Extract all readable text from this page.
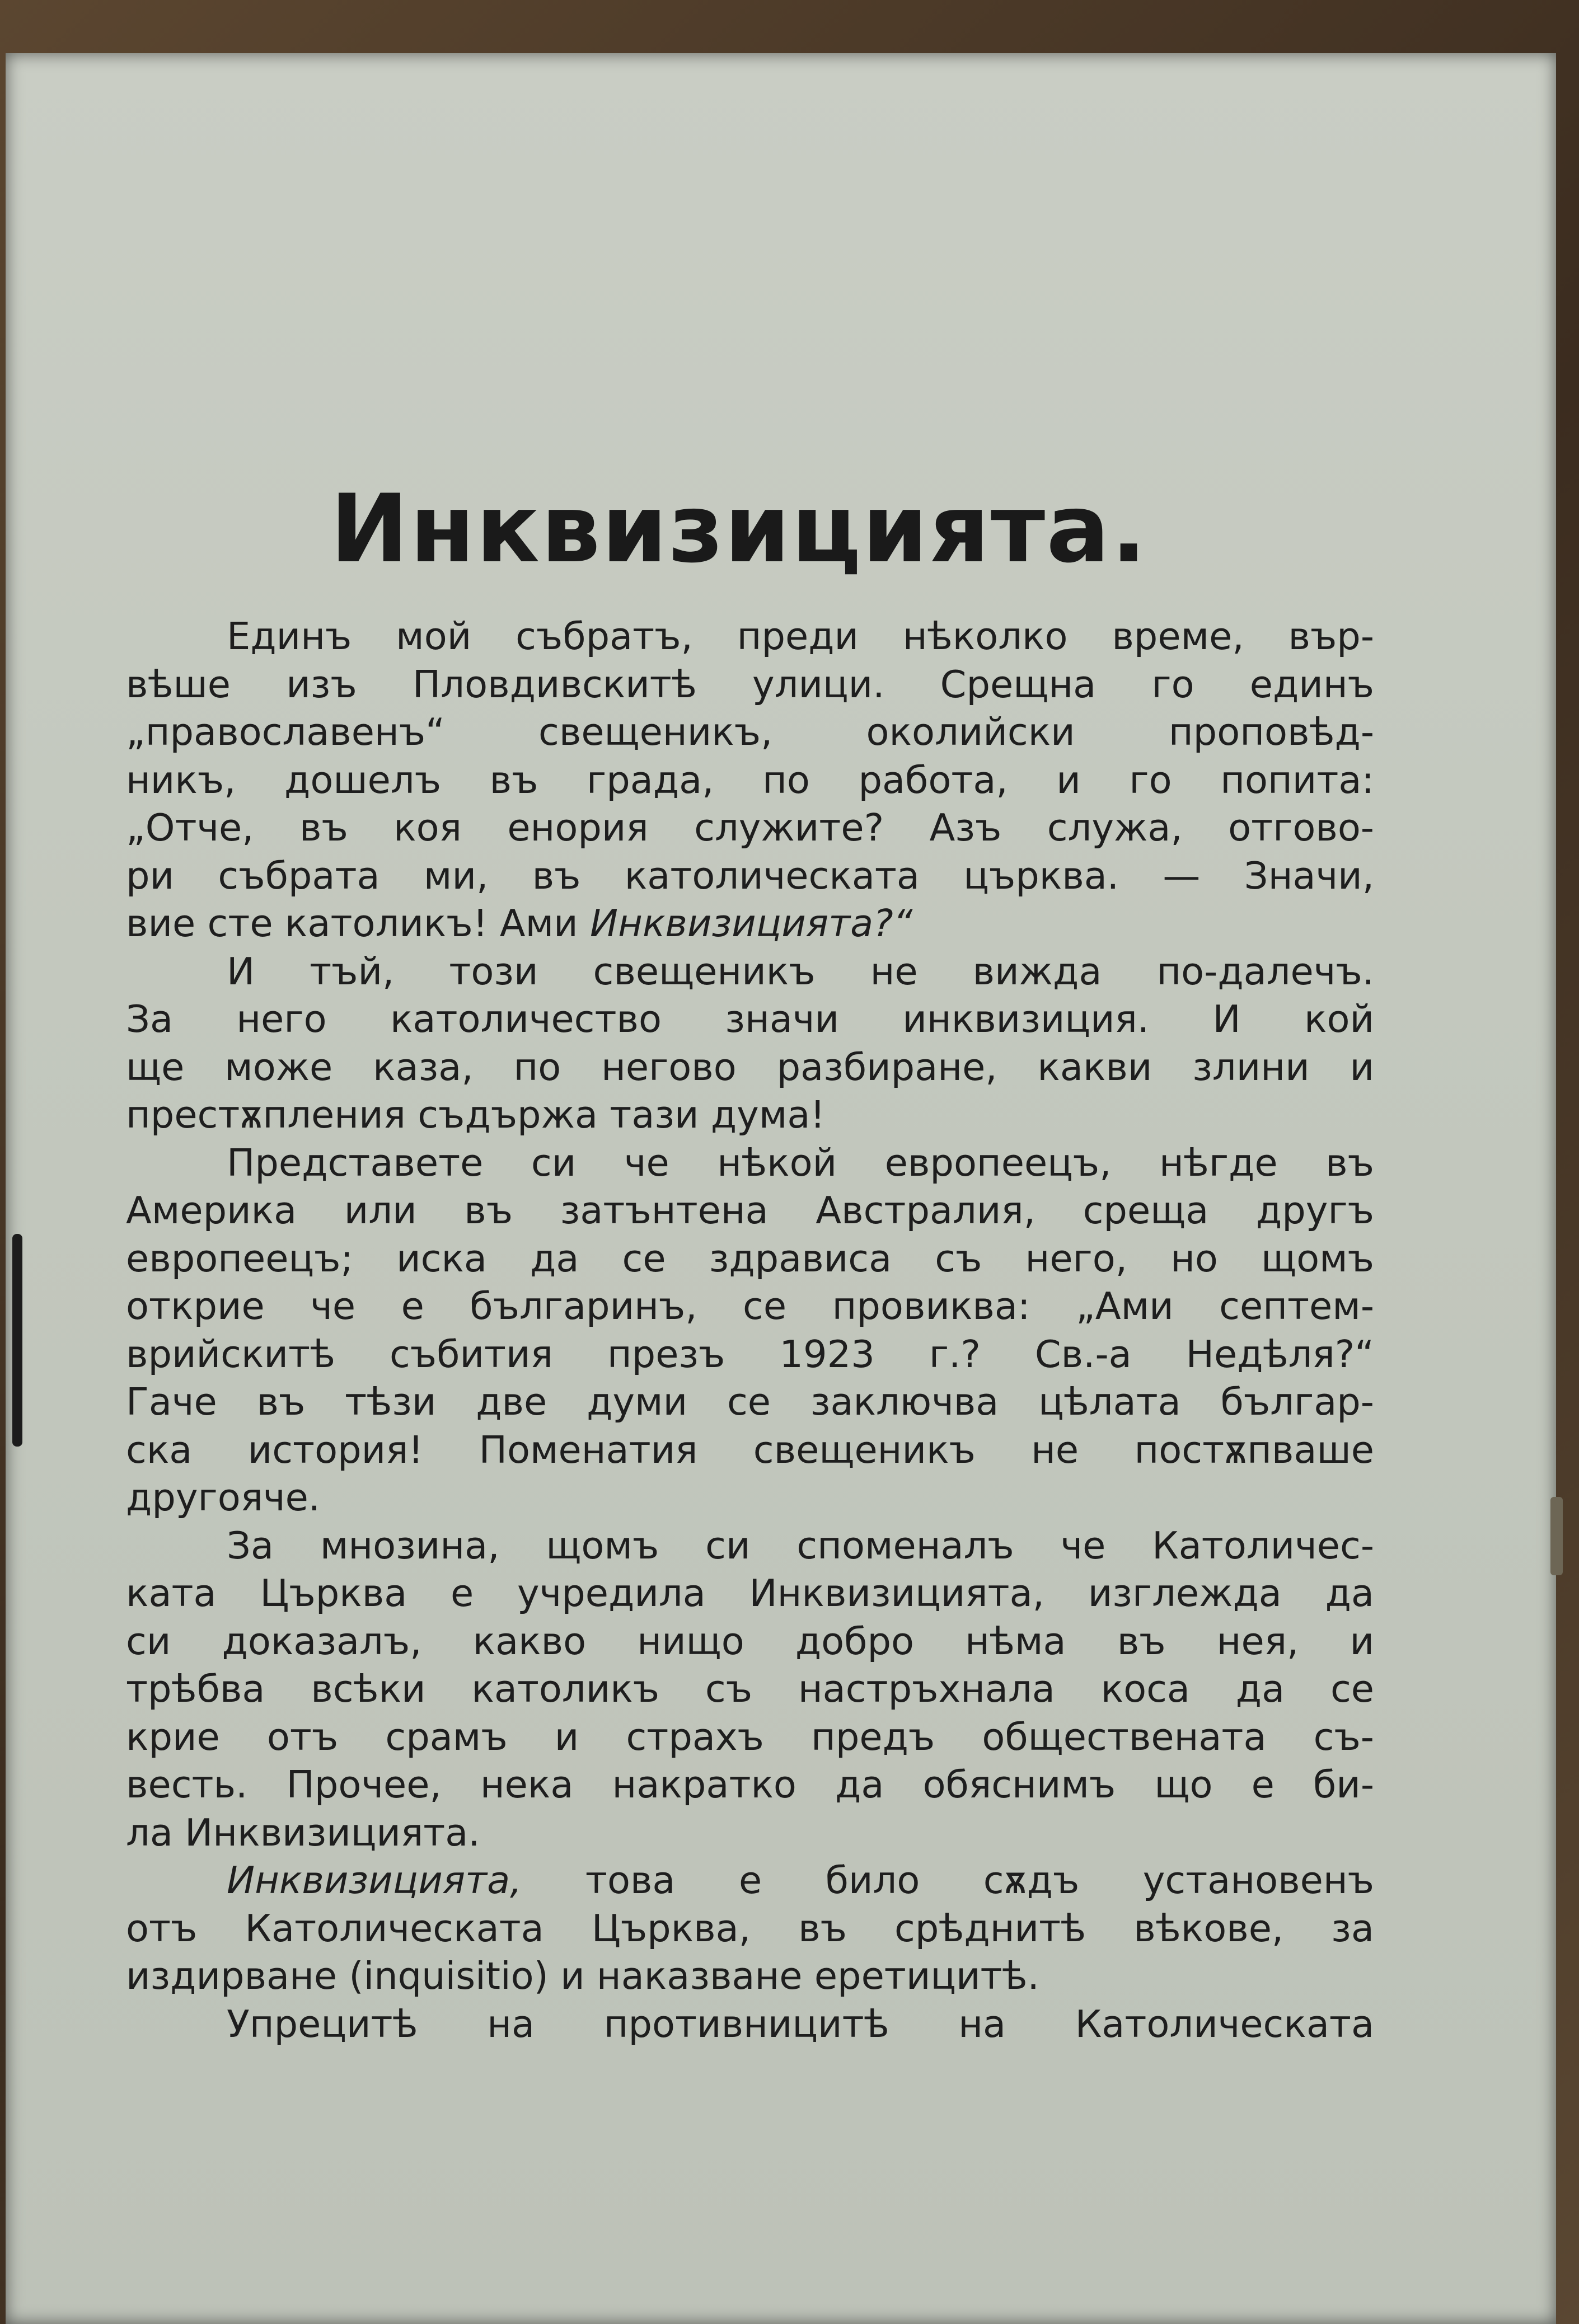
Инквизицията.
Единъ мой събратъ, преди нѣколко време, вър-
вѣше изъ Пловдивскитѣ улици. Срещна го единъ
„православенъ“ свещеникъ, околийски проповѣд-
никъ, дошелъ въ града, по работа, и го попита:
„Отче, въ коя енория служите? Азъ служа, отгово-
ри събрата ми, въ католическата църква. — Значи,
вие сте католикъ! Ами Инквизицията?“
И тъй, този свещеникъ не вижда по-далечъ.
За него католичество значи инквизиция. И кой
ще може каза, по негово разбиране, какви злини и
престѫпления съдържа тази дума!
Представете си че нѣкой европеецъ, нѣгде въ
Америка или въ затънтена Австралия, среща другъ
европеецъ; иска да се здрависа съ него, но щомъ
открие че е българинъ, се провиква: „Ами септем-
врийскитѣ събития презъ 1923 г.? Св.-а Недѣля?“
Гаче въ тѣзи две думи се заключва цѣлата българ-
ска история! Поменатия свещеникъ не постѫпваше
другояче.
За мнозина, щомъ си споменалъ че Католичес-
ката Църква е учредила Инквизицията, изглежда да
си доказалъ, какво нищо добро нѣма въ нея, и
трѣбва всѣки католикъ съ настръхнала коса да се
крие отъ срамъ и страхъ предъ обществената съ-
весть. Прочее, нека накратко да обяснимъ що е би-
ла Инквизицията.
Инквизицията, това е било сѫдъ установенъ
отъ Католическата Църква, въ срѣднитѣ вѣкове, за
издирване (inquisitio) и наказване еретицитѣ.
Упрецитѣ на противницитѣ на Католическата
